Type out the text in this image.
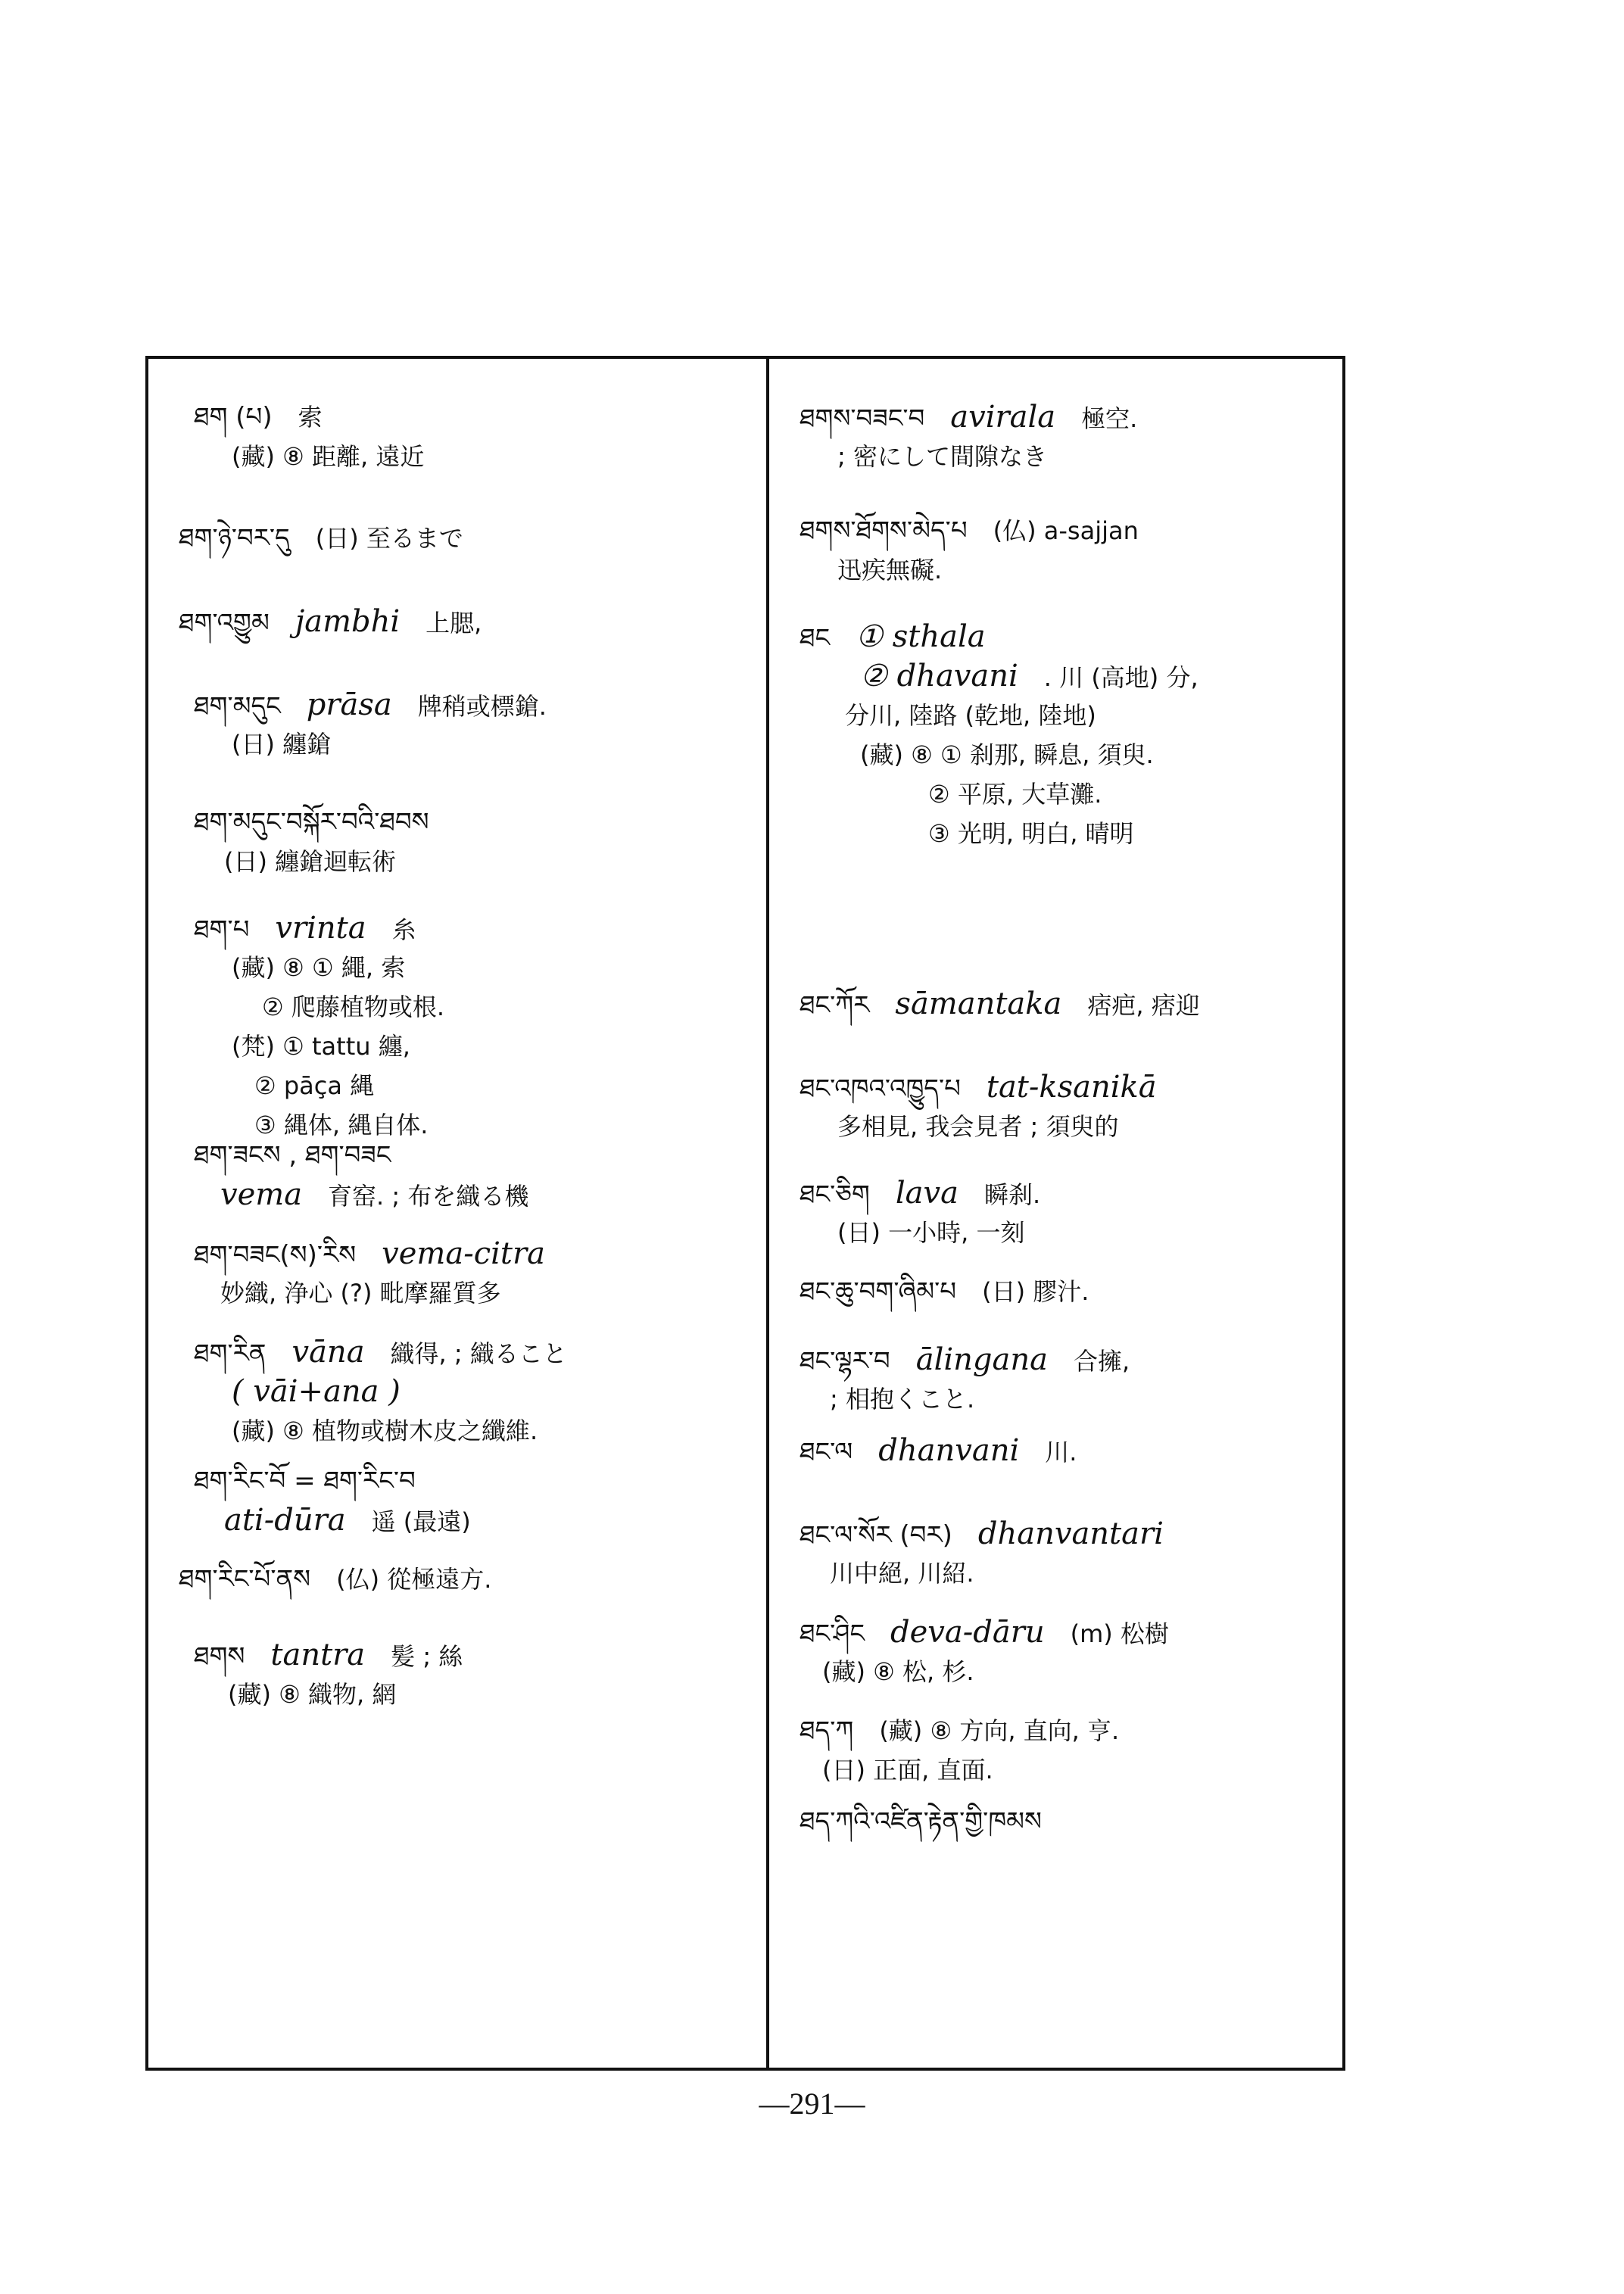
ཐག (པ) 索
(藏) ⑧ 距離, 遠近
ཐག་ཉེ་བར་དུ (日) 至るまで
ཐག་འགྱུམ jambhi 上腮,
ཐག་མདུང prāsa 牌稍或標鎗.
(日) 纏鎗
ཐག་མདུང་བསྐོར་བའི་ཐབས
(日) 纏鎗迴転術
ཐག་པ vrinta 糸
(藏) ⑧ ① 繩, 索
② 爬藤植物或根.
(梵) ① tattu 纏,
② pāça 縄
③ 縄体, 縄自体.
ཐག་ཟངས , ཐག་བཟང
vema 育窑. ; 布を織る機
ཐག་བཟང(ས)་རིས vema-citra
妙織, 浄心 (?) 毗摩羅質多
ཐག་རིན vāna 織得, ; 織ること
( vāi+ana )
(藏) ⑧ 植物或樹木皮之纖維.
ཐག་རིང་བོ = ཐག་རིང་བ
ati-dūra 遥 (最遠)
ཐག་རིང་པོ་ནས (仏) 從極遠方.
ཐགས tantra 髪 ; 絲
(藏) ⑧ 織物, 網
ཐགས་བཟང་བ avirala 極空.
; 密にして間隙なき
ཐགས་ཐོགས་མེད་པ (仏) a-sajjan
迅疾無礙.
ཐང ① sthala
② dhavani . 川 (高地) 分,
分川, 陸路 (乾地, 陸地)
(藏) ⑧ ① 刹那, 瞬息, 須臾.
② 平原, 大草灘.
③ 光明, 明白, 晴明
ཐང་ཀོར sāmantaka 痞疤, 痞迎
ཐང་འཁའ་འཁྱུད་པ tat-ksanikā
多相見, 我会見者 ; 須臾的
ཐང་ཅིག lava 瞬刹.
(日) 一小時, 一刻
ཐང་ཆུ་བག་ཞིམ་པ (日) 膠汁.
ཐང་ལྷར་བ ālingana 合擁,
; 相抱くこと.
ཐང་ལ dhanvani 川.
ཐང་ལ་སོར (བར) dhanvantari
川中絕, 川紹.
ཐང་ཤིང deva-dāru (m) 松樹
(藏) ⑧ 松, 杉.
ཐད་ཀ (藏) ⑧ 方向, 直向, 亨.
(日) 正面, 直面.
ཐད་ཀའི་འཛིན་རྟེན་གྱི་ཁམས
—291—
